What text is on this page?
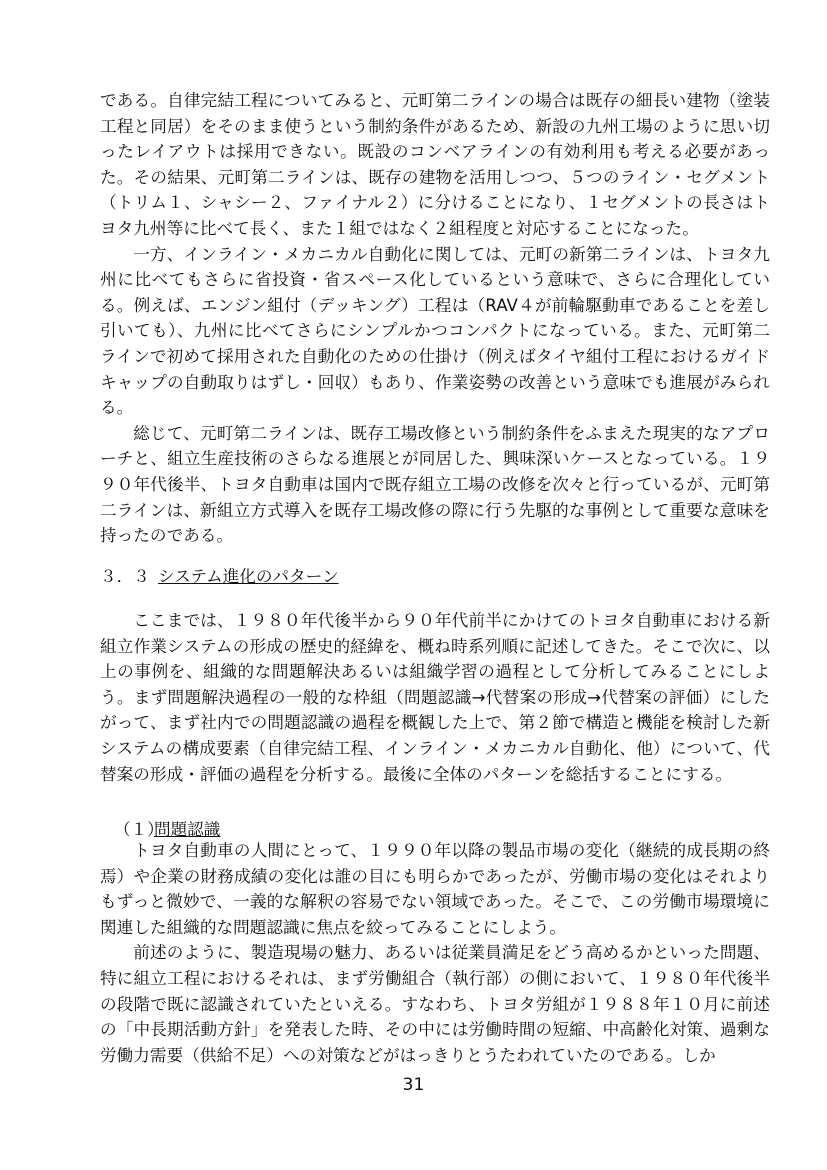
である。自律完結工程についてみると、元町第二ラインの場合は既存の細長い建物（塗装工程と同居）をそのまま使うという制約条件があるため、新設の九州工場のように思い切ったレイアウトは採用できない。既設のコンベアラインの有効利用も考える必要があった。その結果、元町第二ラインは、既存の建物を活用しつつ、５つのライン・セグメント（トリム１、シャシー２、ファイナル２）に分けることになり、１セグメントの長さはトヨタ九州等に比べて長く、また１組ではなく２組程度と対応することになった。

一方、インライン・メカニカル自動化に関しては、元町の新第二ラインは、トヨタ九州に比べてもさらに省投資・省スペース化しているという意味で、さらに合理化している。例えば、エンジン組付（デッキング）工程は（RAV４が前輪駆動車であることを差し引いても）、九州に比べてさらにシンプルかつコンパクトになっている。また、元町第二ラインで初めて採用された自動化のための仕掛け（例えばタイヤ組付工程におけるガイドキャップの自動取りはずし・回収）もあり、作業姿勢の改善という意味でも進展がみられる。

総じて、元町第二ラインは、既存工場改修という制約条件をふまえた現実的なアプローチと、組立生産技術のさらなる進展とが同居した、興味深いケースとなっている。１９９０年代後半、トヨタ自動車は国内で既存組立工場の改修を次々と行っているが、元町第二ラインは、新組立方式導入を既存工場改修の際に行う先駆的な事例として重要な意味を持ったのである。

３．３ システム進化のパターン

ここまでは、１９８０年代後半から９０年代前半にかけてのトヨタ自動車における新組立作業システムの形成の歴史的経緯を、概ね時系列順に記述してきた。そこで次に、以上の事例を、組織的な問題解決あるいは組織学習の過程として分析してみることにしよう。まず問題解決過程の一般的な枠組（問題認識→代替案の形成→代替案の評価）にしたがって、まず社内での問題認識の過程を概観した上で、第２節で構造と機能を検討した新システムの構成要素（自律完結工程、インライン・メカニカル自動化、他）について、代替案の形成・評価の過程を分析する。最後に全体のパターンを総括することにする。

（１）問題認識

トヨタ自動車の人間にとって、１９９０年以降の製品市場の変化（継続的成長期の終焉）や企業の財務成績の変化は誰の目にも明らかであったが、労働市場の変化はそれよりもずっと微妙で、一義的な解釈の容易でない領域であった。そこで、この労働市場環境に関連した組織的な問題認識に焦点を絞ってみることにしよう。

前述のように、製造現場の魅力、あるいは従業員満足をどう高めるかといった問題、特に組立工程におけるそれは、まず労働組合（執行部）の側において、１９８０年代後半の段階で既に認識されていたといえる。すなわち、トヨタ労組が１９８８年１０月に前述の「中長期活動方針」を発表した時、その中には労働時間の短縮、中高齢化対策、過剰な労働力需要（供給不足）への対策などがはっきりとうたわれていたのである。しか

31
